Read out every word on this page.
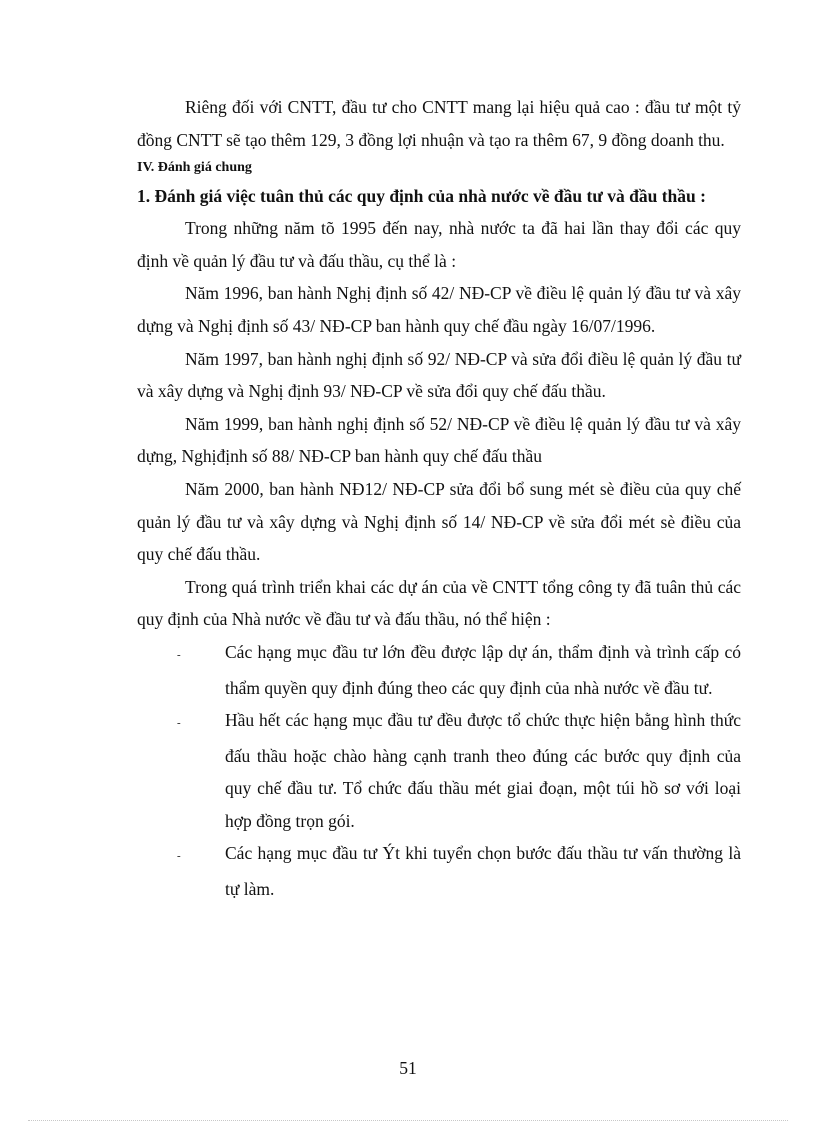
Riêng đối với CNTT, đầu tư cho CNTT mang lại hiệu quả cao : đầu tư một tỷ đồng CNTT sẽ tạo thêm 129, 3 đồng lợi nhuận và tạo ra thêm 67, 9 đồng doanh thu.

IV. Đánh giá chung

1. Đánh giá việc tuân thủ các quy định của nhà nước về đầu tư và đầu thầu :

Trong những năm tõ 1995 đến nay, nhà nước ta đã hai lần thay đổi các quy định về quản lý đầu tư và đấu thầu, cụ thể là :

Năm 1996, ban hành Nghị định số 42/ NĐ-CP về điều lệ quản lý đầu tư và xây dựng và Nghị định số 43/ NĐ-CP ban hành quy chế đầu ngày 16/07/1996.

Năm 1997, ban hành nghị định số 92/ NĐ-CP và sửa đổi điều lệ quản lý đầu tư và xây dựng và Nghị định 93/ NĐ-CP về sửa đổi quy chế đấu thầu.

Năm 1999, ban hành nghị định số 52/ NĐ-CP về điều lệ quản lý đầu tư và xây dựng, Nghịđịnh số 88/ NĐ-CP ban hành quy chế đấu thầu

Năm 2000, ban hành NĐ12/ NĐ-CP sửa đổi bổ sung mét sè điều của quy chế quản lý đầu tư và xây dựng và Nghị định số 14/ NĐ-CP về sửa đổi mét sè điều của quy chế đấu thầu.

Trong quá trình triển khai các dự án của về CNTT tổng công ty đã tuân thủ các quy định của Nhà nước về đầu tư và đấu thầu, nó thể hiện :

-	Các hạng mục đầu tư lớn đều được lập dự án, thẩm định và trình cấp có thẩm quyền quy định đúng theo các quy định của nhà nước về đầu tư.

-	Hầu hết các hạng mục đầu tư đều được tổ chức thực hiện bằng hình thức đấu thầu hoặc chào hàng cạnh tranh theo đúng các bước quy định của quy chế đầu tư. Tổ chức đấu thầu mét giai đoạn, một túi hồ sơ với loại hợp đồng trọn gói.

-	Các hạng mục đầu tư Ýt khi tuyển chọn bước đấu thầu tư vấn thường là tự làm.

51
